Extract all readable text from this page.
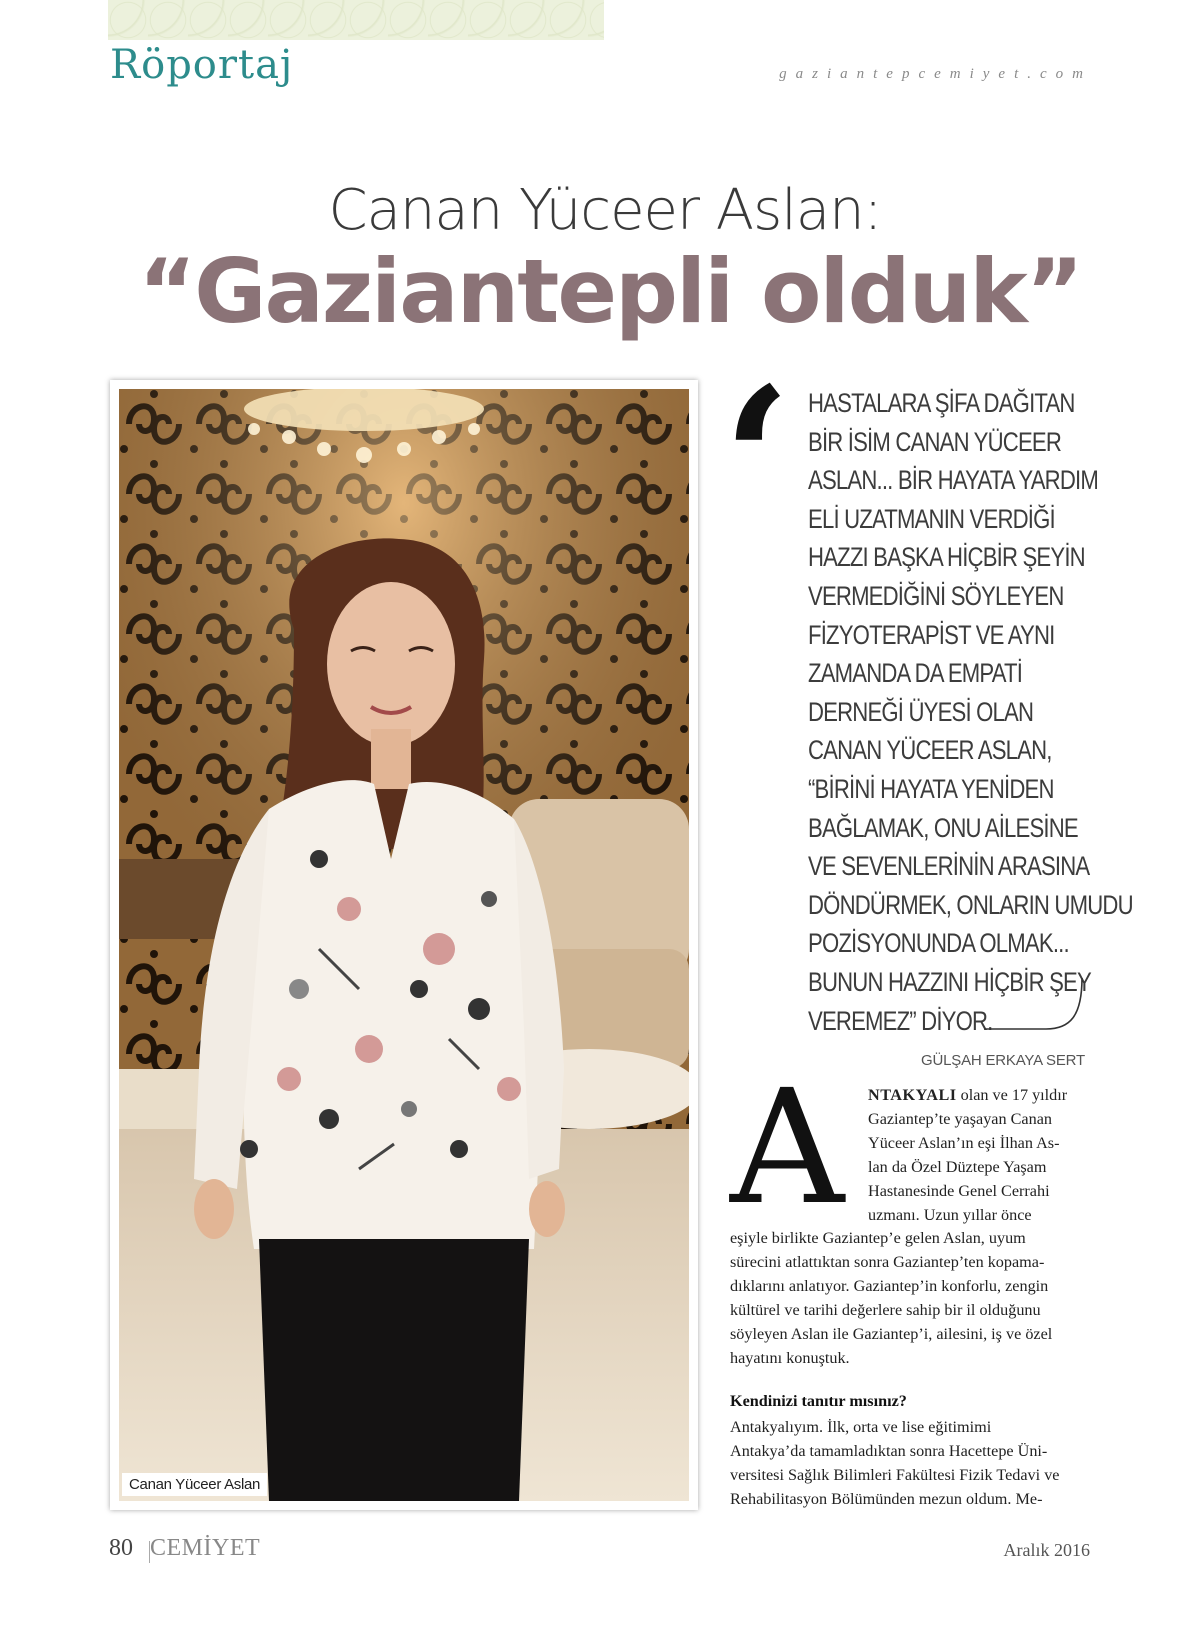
Röportaj	gaziantepcemiyet.com
Canan Yüceer Aslan:
“Gaziantepli olduk”
Canan Yüceer Aslan
‘ HASTALARA ŞİFA DAĞITAN
BİR İSİM CANAN YÜCEER
ASLAN... BİR HAYATA YARDIM
ELİ UZATMANIN VERDİĞİ
HAZZI BAŞKA HİÇBİR ŞEYİN
VERMEDİĞİNİ SÖYLEYEN
FİZYOTERAPİST VE AYNI
ZAMANDA DA EMPATİ
DERNEĞİ ÜYESİ OLAN
CANAN YÜCEER ASLAN,
“BİRİNİ HAYATA YENİDEN
BAĞLAMAK, ONU AİLESİNE
VE SEVENLERİNİN ARASINA
DÖNDÜRMEK, ONLARIN UMUDU
POZİSYONUNDA OLMAK...
BUNUN HAZZINI HİÇBİR ŞEY
VEREMEZ” DİYOR.
GÜLŞAH ERKAYA SERT
A NTAKYALI olan ve 17 yıldır
Gaziantep’te yaşayan Canan
Yüceer Aslan’ın eşi İlhan As-
lan da Özel Düztepe Yaşam
Hastanesinde Genel Cerrahi
uzmanı. Uzun yıllar önce
eşiyle birlikte Gaziantep’e gelen Aslan, uyum
sürecini atlattıktan sonra Gaziantep’ten kopama-
dıklarını anlatıyor. Gaziantep’in konforlu, zengin
kültürel ve tarihi değerlere sahip bir il olduğunu
söyleyen Aslan ile Gaziantep’i, ailesini, iş ve özel
hayatını konuştuk.
Kendinizi tanıtır mısınız?
Antakyalıyım. İlk, orta ve lise eğitimimi
Antakya’da tamamladıktan sonra Hacettepe Üni-
versitesi Sağlık Bilimleri Fakültesi Fizik Tedavi ve
Rehabilitasyon Bölümünden mezun oldum. Me-
80 CEMİYET	Aralık 2016
